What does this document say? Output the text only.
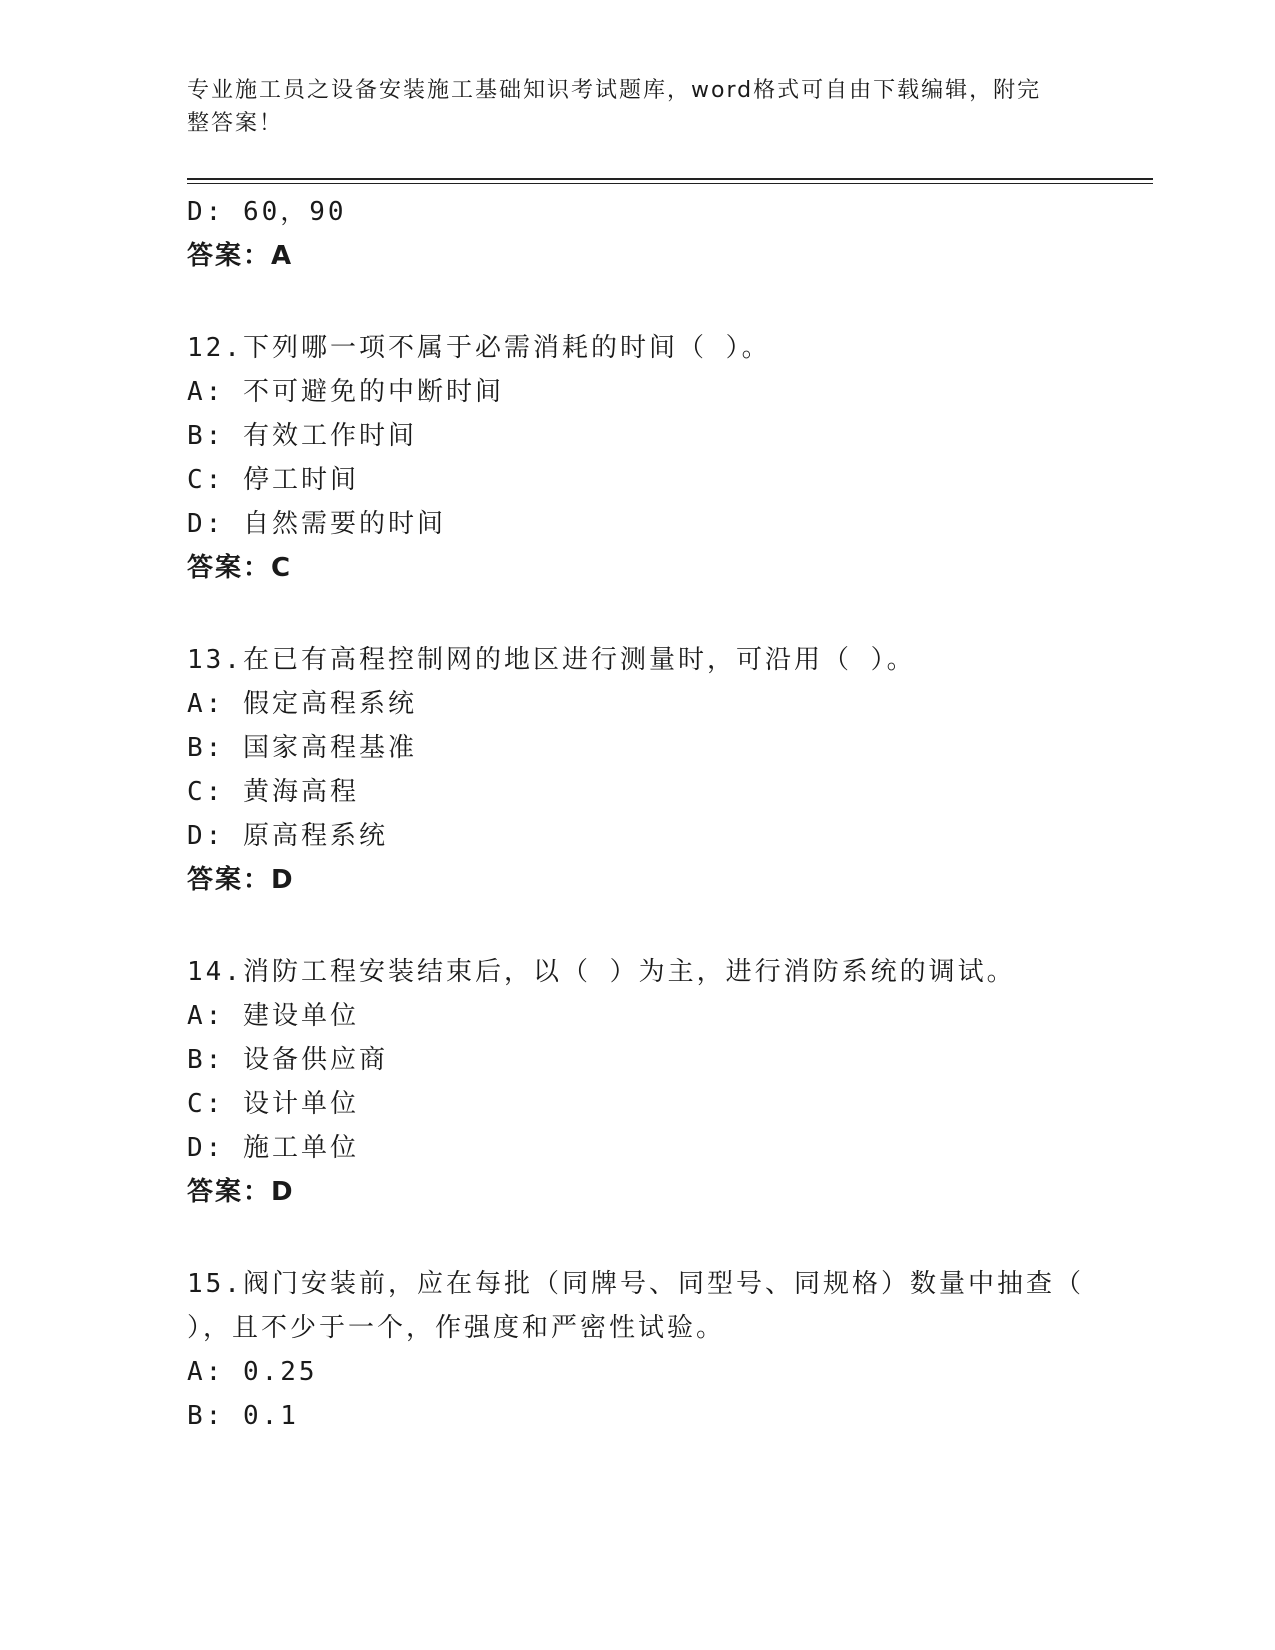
专业施工员之设备安装施工基础知识考试题库，word格式可自由下载编辑，附完
整答案！
D: 60，90
答案：A
12.下列哪一项不属于必需消耗的时间（ ）。
A: 不可避免的中断时间
B: 有效工作时间
C: 停工时间
D: 自然需要的时间
答案：C
13.在已有高程控制网的地区进行测量时，可沿用（ ）。
A: 假定高程系统
B: 国家高程基准
C: 黄海高程
D: 原高程系统
答案：D
14.消防工程安装结束后，以（ ）为主，进行消防系统的调试。
A: 建设单位
B: 设备供应商
C: 设计单位
D: 施工单位
答案：D
15.阀门安装前，应在每批（同牌号、同型号、同规格）数量中抽查（
），且不少于一个，作强度和严密性试验。
A: 0.25
B: 0.1
